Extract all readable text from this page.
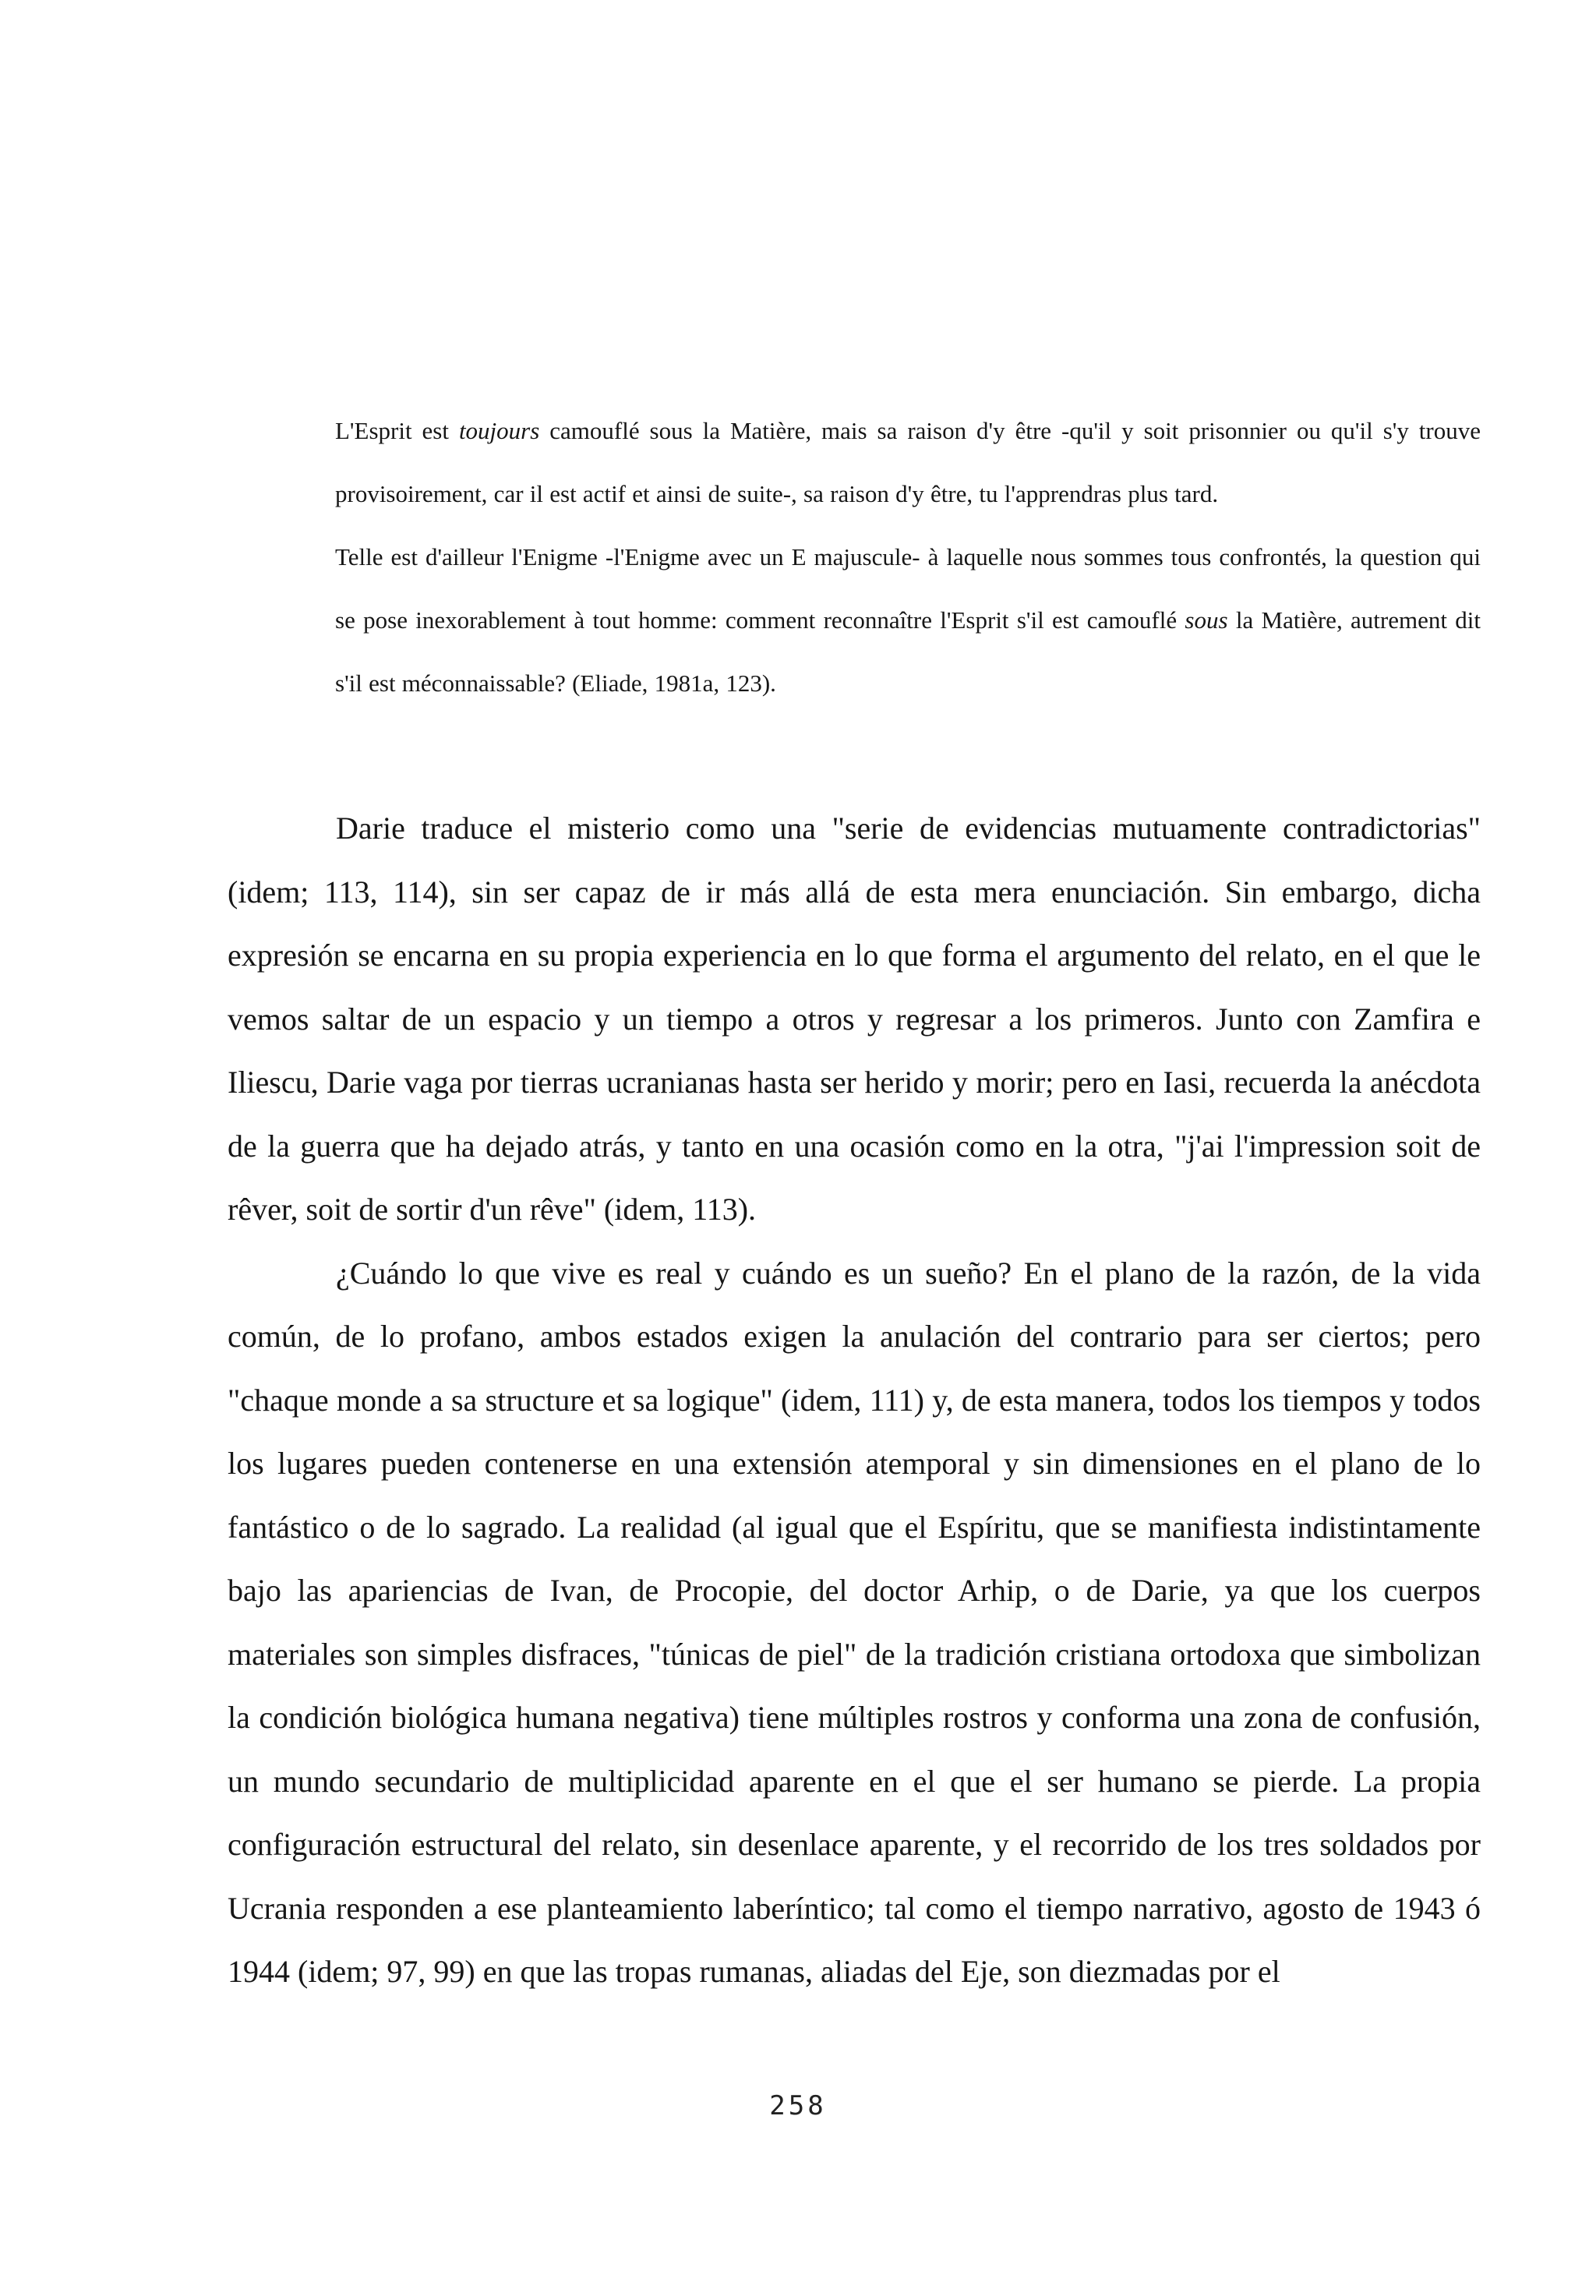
L'Esprit est toujours camouflé sous la Matière, mais sa raison d'y être -qu'il y soit prisonnier ou qu'il s'y trouve provisoirement, car il est actif et ainsi de suite-, sa raison d'y être, tu l'apprendras plus tard.

Telle est d'ailleur l'Enigme -l'Enigme avec un E majuscule- à laquelle nous sommes tous confrontés, la question qui se pose inexorablement à tout homme: comment reconnaître l'Esprit s'il est camouflé sous la Matière, autrement dit s'il est méconnaissable? (Eliade, 1981a, 123).

Darie traduce el misterio como una "serie de evidencias mutuamente contradictorias" (idem; 113, 114), sin ser capaz de ir más allá de esta mera enunciación. Sin embargo, dicha expresión se encarna en su propia experiencia en lo que forma el argumento del relato, en el que le vemos saltar de un espacio y un tiempo a otros y regresar a los primeros. Junto con Zamfira e Iliescu, Darie vaga por tierras ucranianas hasta ser herido y morir; pero en Iasi, recuerda la anécdota de la guerra que ha dejado atrás, y tanto en una ocasión como en la otra, "j'ai l'impression soit de rêver, soit de sortir d'un rêve" (idem, 113).

¿Cuándo lo que vive es real y cuándo es un sueño? En el plano de la razón, de la vida común, de lo profano, ambos estados exigen la anulación del contrario para ser ciertos; pero "chaque monde a sa structure et sa logique" (idem, 111) y, de esta manera, todos los tiempos y todos los lugares pueden contenerse en una extensión atemporal y sin dimensiones en el plano de lo fantástico o de lo sagrado. La realidad (al igual que el Espíritu, que se manifiesta indistintamente bajo las apariencias de Ivan, de Procopie, del doctor Arhip, o de Darie, ya que los cuerpos materiales son simples disfraces, "túnicas de piel" de la tradición cristiana ortodoxa que simbolizan la condición biológica humana negativa) tiene múltiples rostros y conforma una zona de confusión, un mundo secundario de multiplicidad aparente en el que el ser humano se pierde. La propia configuración estructural del relato, sin desenlace aparente, y el recorrido de los tres soldados por Ucrania responden a ese planteamiento laberíntico; tal como el tiempo narrativo, agosto de 1943 ó 1944 (idem; 97, 99) en que las tropas rumanas, aliadas del Eje, son diezmadas por el

258
